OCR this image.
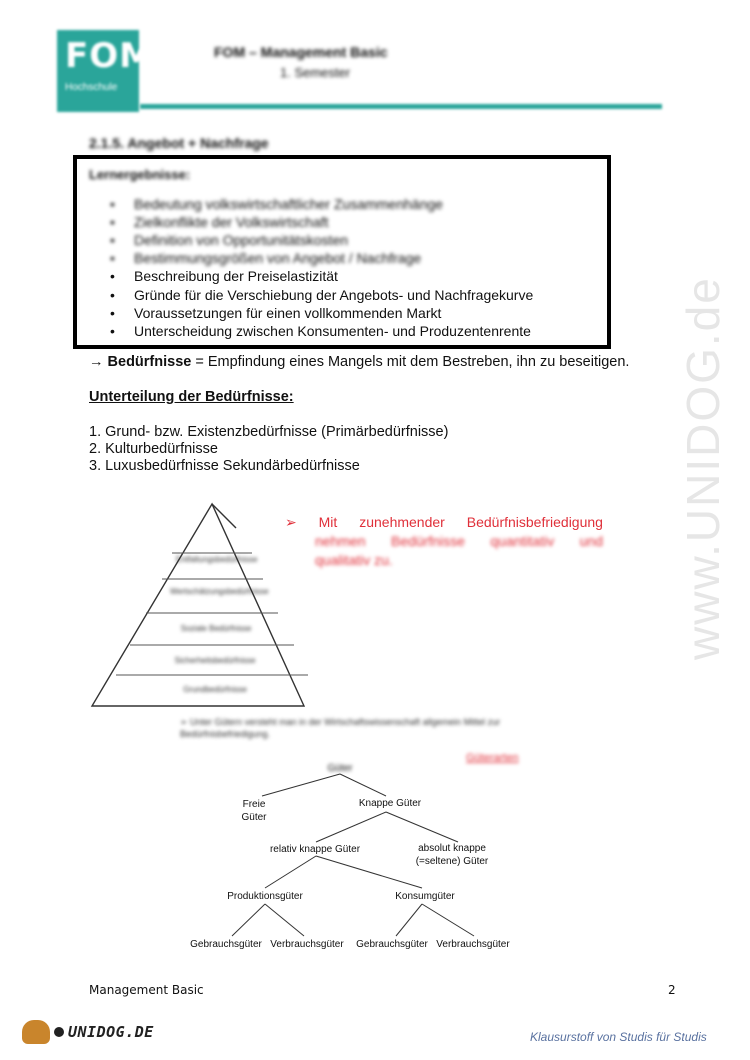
www.UNIDOG.de
FOM
Hochschule
FOM – Management Basic
1. Semester
2.1.5. Angebot + Nachfrage
Lernergebnisse:
• Bedeutung volkswirtschaftlicher Zusammenhänge
• Zielkonflikte der Volkswirtschaft
• Definition von Opportunitätskosten
• Bestimmungsgrößen von Angebot / Nachfrage
• Beschreibung der Preiselastizität
• Gründe für die Verschiebung der Angebots- und Nachfragekurve
• Voraussetzungen für einen vollkommenden Markt
• Unterscheidung zwischen Konsumenten- und Produzentenrente
→ Bedürfnisse = Empfindung eines Mangels mit dem Bestreben, ihn zu beseitigen.
Unterteilung der Bedürfnisse:
1. Grund- bzw. Existenzbedürfnisse (Primärbedürfnisse)
2. Kulturbedürfnisse
3. Luxusbedürfnisse Sekundärbedürfnisse
Entfaltungsbedürfnisse
Wertschätzungsbedürfnisse
Soziale Bedürfnisse
Sicherheitsbedürfnisse
Grundbedürfnisse
➢ Mit zunehmender Bedürfnisbefriedigung
nehmen Bedürfnisse quantitativ und
qualitativ zu.
➢ Unter Gütern versteht man in der Wirtschaftswissenschaft allgemein Mittel zur Bedürfnisbefriedigung.
Güterarten
Güter
Freie Güter
Knappe Güter
relativ knappe Güter	absolut knappe
(=seltene) Güter
Produktionsgüter	Konsumgüter
Gebrauchsgüter Verbrauchsgüter	Gebrauchsgüter Verbrauchsgüter
Management Basic	2
UNIDOG.DE	Klausurstoff von Studis für Studis
